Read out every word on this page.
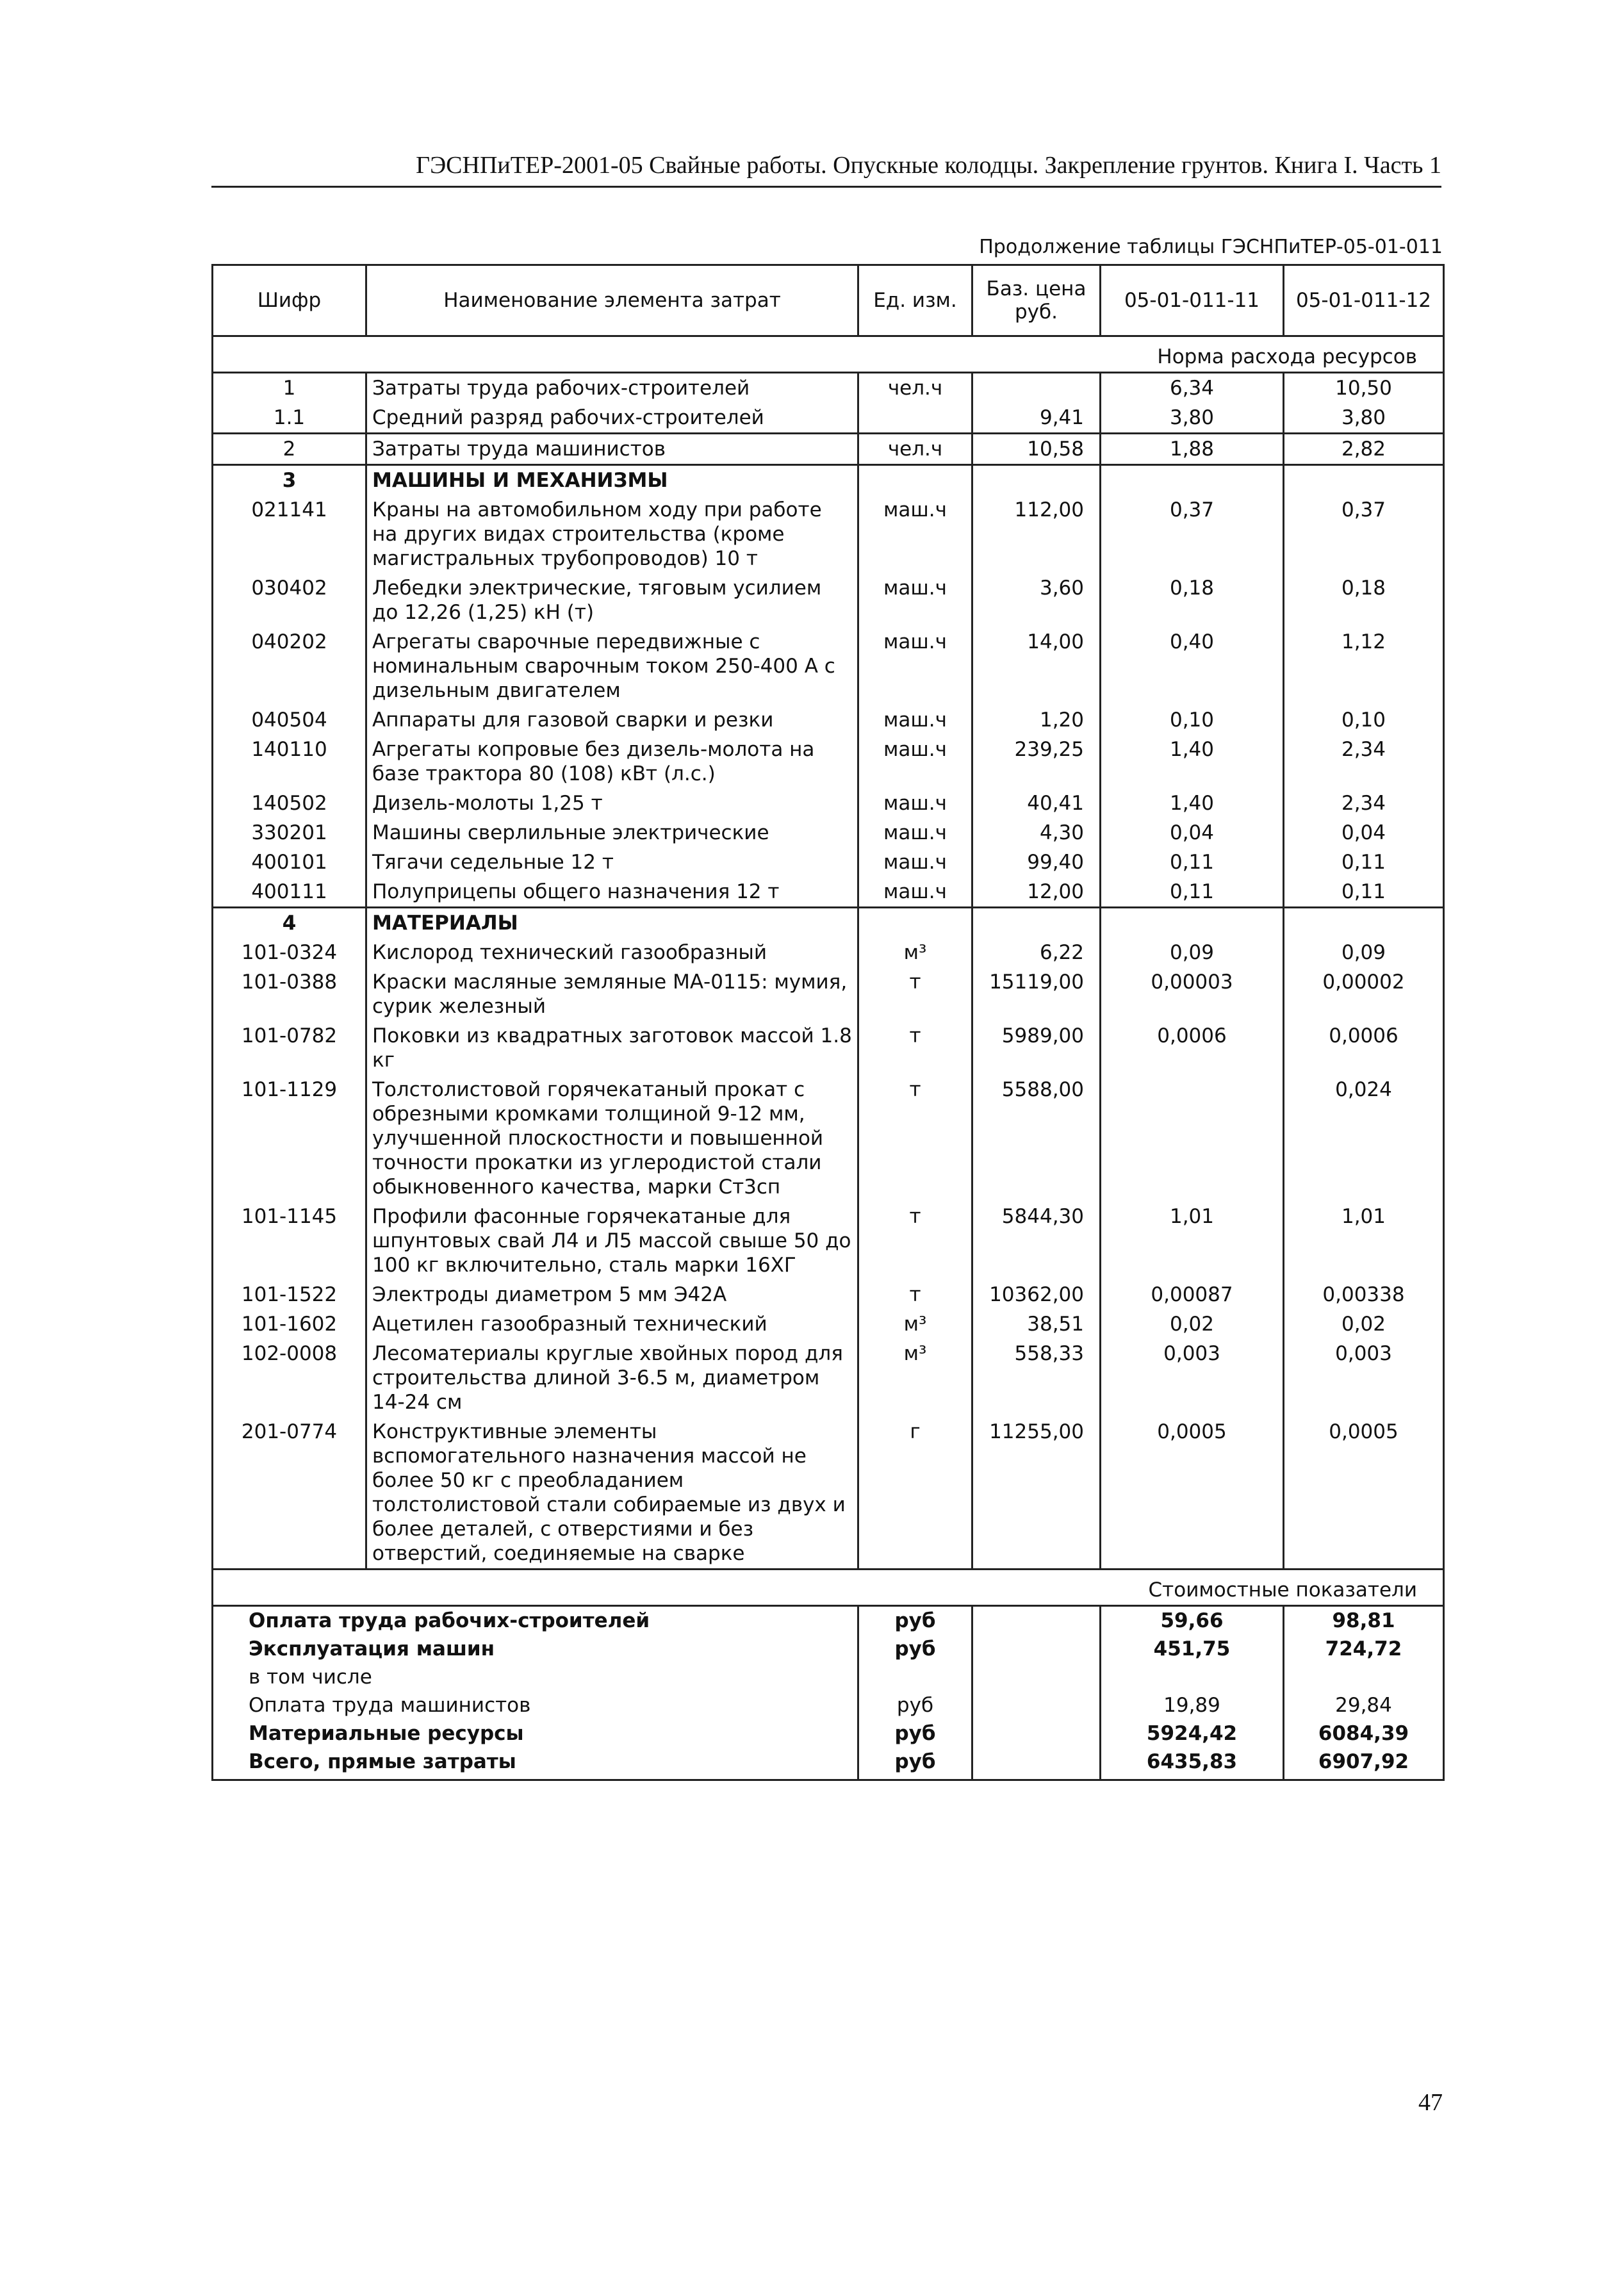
ГЭСНПиТЕР-2001-05 Свайные работы. Опускные колодцы. Закрепление грунтов. Книга I. Часть 1
Продолжение таблицы ГЭСНПиТЕР-05-01-011
Шифр	Наименование элемента затрат	Ед. изм.	Баз. цена руб.	05-01-011-11	05-01-011-12
Норма расхода ресурсов					
1	Затраты труда рабочих-строителей	чел.ч		6,34	10,50
1.1	Средний разряд рабочих-строителей		9,41	3,80	3,80
2	Затраты труда машинистов	чел.ч	10,58	1,88	2,82
3	МАШИНЫ И МЕХАНИЗМЫ				
021141	Краны на автомобильном ходу при работе на других видах строительства (кроме магистральных трубопроводов) 10 т	маш.ч	112,00	0,37	0,37
030402	Лебедки электрические, тяговым усилием до 12,26 (1,25) кН (т)	маш.ч	3,60	0,18	0,18
040202	Агрегаты сварочные передвижные с номинальным сварочным током 250-400 А с дизельным двигателем	маш.ч	14,00	0,40	1,12
040504	Аппараты для газовой сварки и резки	маш.ч	1,20	0,10	0,10
140110	Агрегаты копровые без дизель-молота на базе трактора 80 (108) кВт (л.с.)	маш.ч	239,25	1,40	2,34
140502	Дизель-молоты 1,25 т	маш.ч	40,41	1,40	2,34
330201	Машины сверлильные электрические	маш.ч	4,30	0,04	0,04
400101	Тягачи седельные 12 т	маш.ч	99,40	0,11	0,11
400111	Полуприцепы общего назначения 12 т	маш.ч	12,00	0,11	0,11
4	МАТЕРИАЛЫ				
101-0324	Кислород технический газообразный	м³	6,22	0,09	0,09
101-0388	Краски масляные земляные МА-0115: мумия, сурик железный	т	15119,00	0,00003	0,00002
101-0782	Поковки из квадратных заготовок массой 1.8 кг	т	5989,00	0,0006	0,0006
101-1129	Толстолистовой горячекатаный прокат с обрезными кромками толщиной 9-12 мм, улучшенной плоскостности и повышенной точности прокатки из углеродистой стали обыкновенного качества, марки Ст3сп	т	5588,00		0,024
101-1145	Профили фасонные горячекатаные для шпунтовых свай Л4 и Л5 массой свыше 50 до 100 кг включительно, сталь марки 16ХГ	т	5844,30	1,01	1,01
101-1522	Электроды диаметром 5 мм Э42А	т	10362,00	0,00087	0,00338
101-1602	Ацетилен газообразный технический	м³	38,51	0,02	0,02
102-0008	Лесоматериалы круглые хвойных пород для строительства длиной 3-6.5 м, диаметром 14-24 см	м³	558,33	0,003	0,003
201-0774	Конструктивные элементы вспомогательного назначения массой не более 50 кг с преобладанием толстолистовой стали собираемые из двух и более деталей, с отверстиями и без отверстий, соединяемые на сварке	г	11255,00	0,0005	0,0005
Стоимостные показатели					
Оплата труда рабочих-строителей		руб		59,66	98,81
Эксплуатация машин		руб		451,75	724,72
в том числе					
Оплата труда машинистов		руб		19,89	29,84
Материальные ресурсы		руб		5924,42	6084,39
Всего, прямые затраты		руб		6435,83	6907,92
47
